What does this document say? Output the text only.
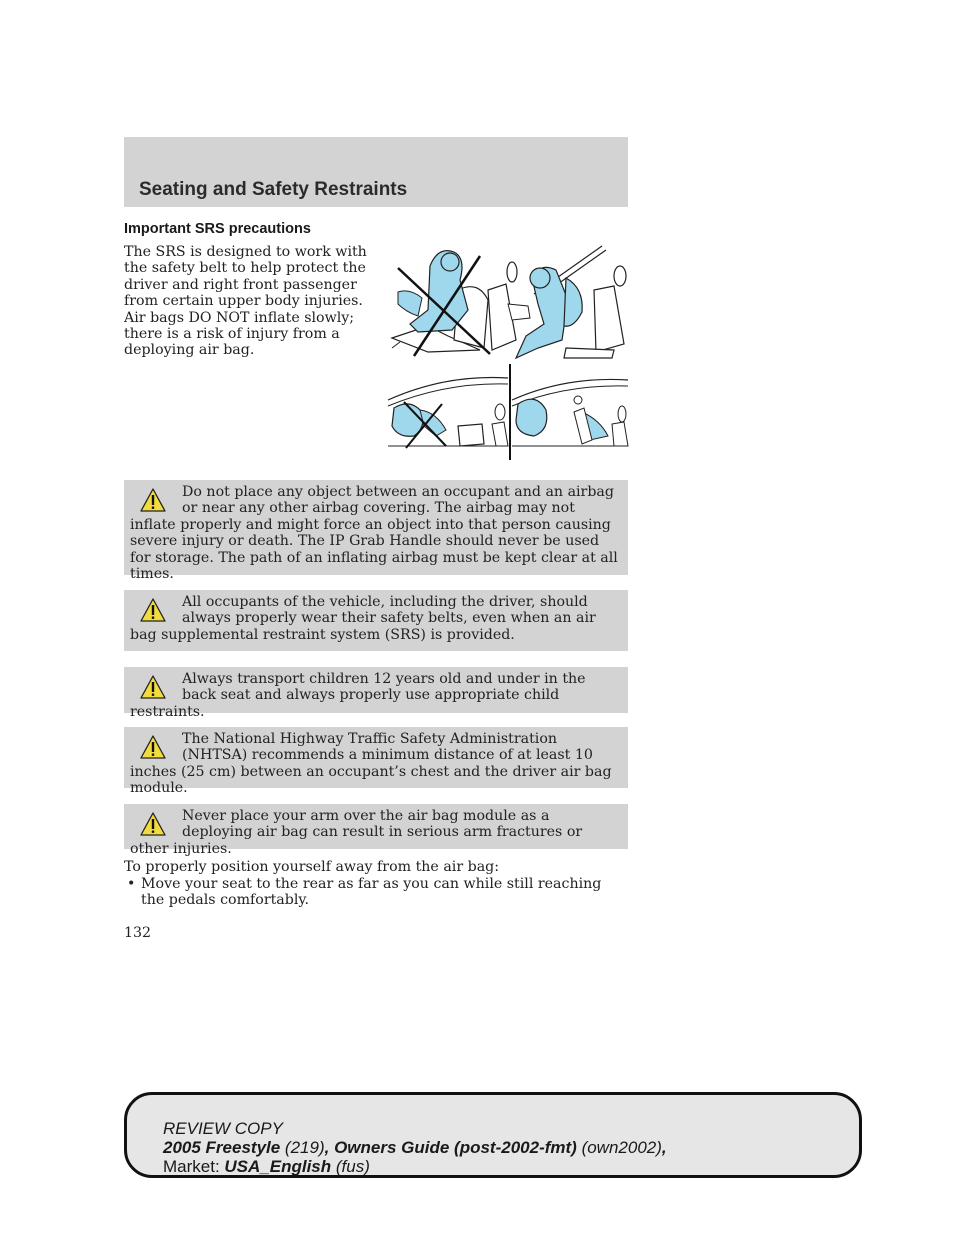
Seating and Safety Restraints
Important SRS precautions

The SRS is designed to work with the safety belt to help protect the driver and right front passenger from certain upper body injuries. Air bags DO NOT inflate slowly; there is a risk of injury from a deploying air bag.

Do not place any object between an occupant and an airbag or near any other airbag covering. The airbag may not inflate properly and might force an object into that person causing severe injury or death. The IP Grab Handle should never be used for storage. The path of an inflating airbag must be kept clear at all times.
All occupants of the vehicle, including the driver, should always properly wear their safety belts, even when an air bag supplemental restraint system (SRS) is provided.
Always transport children 12 years old and under in the back seat and always properly use appropriate child restraints.
The National Highway Traffic Safety Administration (NHTSA) recommends a minimum distance of at least 10 inches (25 cm) between an occupant’s chest and the driver air bag module.
Never place your arm over the air bag module as a deploying air bag can result in serious arm fractures or other injuries.

To properly position yourself away from the air bag:

• Move your seat to the rear as far as you can while still reaching the pedals comfortably.
132
REVIEW COPY
2005 Freestyle (219), Owners Guide (post-2002-fmt) (own2002),
Market: USA_English (fus)
